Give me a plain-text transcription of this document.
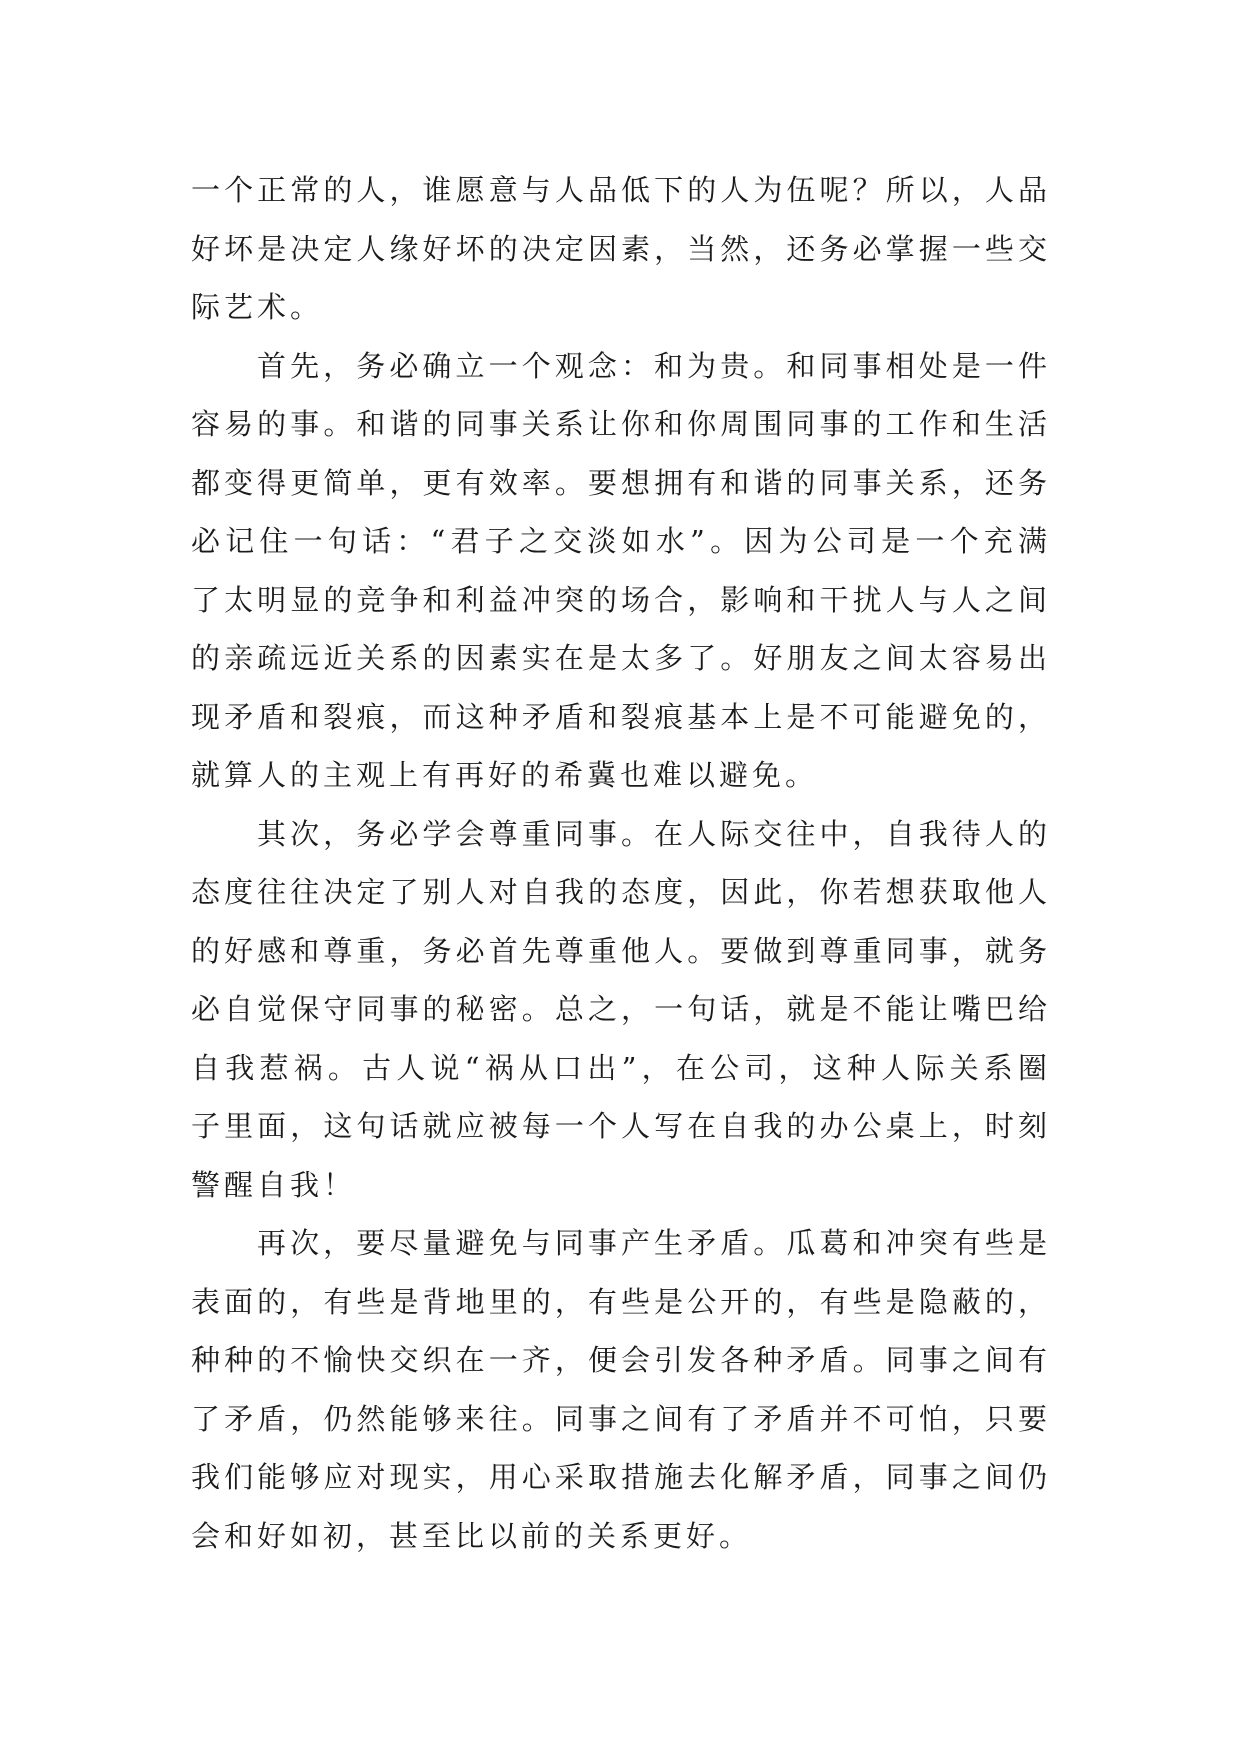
一个正常的人，谁愿意与人品低下的人为伍呢？所以，人品好坏是决定人缘好坏的决定因素，当然，还务必掌握一些交际艺术。

首先，务必确立一个观念：和为贵。和同事相处是一件容易的事。和谐的同事关系让你和你周围同事的工作和生活都变得更简单，更有效率。要想拥有和谐的同事关系，还务必记住一句话：“君子之交淡如水”。因为公司是一个充满了太明显的竞争和利益冲突的场合，影响和干扰人与人之间的亲疏远近关系的因素实在是太多了。好朋友之间太容易出现矛盾和裂痕，而这种矛盾和裂痕基本上是不可能避免的，就算人的主观上有再好的希冀也难以避免。

其次，务必学会尊重同事。在人际交往中，自我待人的态度往往决定了别人对自我的态度，因此，你若想获取他人的好感和尊重，务必首先尊重他人。要做到尊重同事，就务必自觉保守同事的秘密。总之，一句话，就是不能让嘴巴给自我惹祸。古人说“祸从口出”，在公司，这种人际关系圈子里面，这句话就应被每一个人写在自我的办公桌上，时刻警醒自我！

再次，要尽量避免与同事产生矛盾。瓜葛和冲突有些是表面的，有些是背地里的，有些是公开的，有些是隐蔽的，种种的不愉快交织在一齐，便会引发各种矛盾。同事之间有了矛盾，仍然能够来往。同事之间有了矛盾并不可怕，只要我们能够应对现实，用心采取措施去化解矛盾，同事之间仍会和好如初，甚至比以前的关系更好。
